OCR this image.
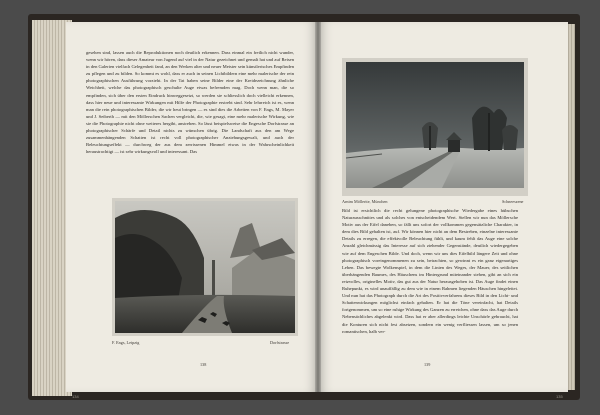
gesehen sind, lassen auch die Reproduktionen noch deutlich erkennen. Dass einmal ein freilich nicht wunder, wenn wir hören, dass dieser Amateur von Jugend auf viel in der Natur gezeichnet und gemalt hat und auf Reisen in den Galerien vielfach Gelegenheit fand, an den Werken alter und neuer Meister sein künstlerisches Empfinden zu pflegen und zu bilden. So kommt es wohl, dass er auch in seinen Lichtbildern eine mehr malerische der rein photographischen Ausführung vorzieht. In der Tat haben seine Bilder eine der Kreidezeichnung ähnliche Weichheit, welche das photographisch geschulte Auge etwas befremden mag. Doch wenn man, die so empfinden, sich über den ersten Eindruck hinweggesetzt, so werden sie schliesslich doch vielleicht erkennen, dass hier neue und interessante Wirkungen mit Hilfe der Photographie erstrebt sind. Sehr lehrreich ist es, wenn man die rein photographischen Bilder, die wir heut bringen — es sind dies die Arbeiten von F. Engs, M. Mayer und J. Seiberth — mit den Möllerschen Sachen vergleicht, die, wie gesagt, eine mehr malerische Wirkung, wie sie die Photographie nicht ohne weiteres hergibt, anstreben. So lässt beispielsweise die Engesche Dorfstrasse an photographischer Schärfe und Detail nichts zu wünschen übrig. Die Landschaft aus den am Wege zusammenhängenden Schatten ist recht voll photographischer Anziehungsgewalt, und auch der Beleuchtungseffekt — durchweg der aus dem zerrissenen Himmel etwas in der Wahrscheinlichkeit heraustrachtigt — ist sehr wirkungsvoll und interessant. Das

F. Engs, Leipzig	Dorfstrasse
138
134
Arnim Möllerite, München	Schneeszene

Bild ist ersichtlich die recht gelungene photographische Wiedergabe eines hübschen Naturausschnittes und als solches von entscheidendem Wert. Stellen wir nun das Möllersche Motiv aus der Eifel daneben, so fällt uns sofort der vollkommen gegensätzliche Charakter, in dem dies Bild gehalten ist, auf. Wir können hier nicht an dem Bestreben, einzelne interessante Details zu erregen, die effektvolle Beleuchtung fühlt, und kaum fehlt das Auge eine solche Anzahl gleichmässig das Interesse auf sich ziehender Gegenstände, deutlich wiedergegeben wie auf dem Engeschen Bilde. Und doch, wenn wir uns dies Eifelbild längere Zeit und ohne photographisch voreingenommenen zu sein, betrachten, so gewinnt es ein ganz eigenartiges Leben. Das bewegte Wolkenspiel, in dem die Linien des Weges, der Mauer, des seitlichen überhängenden Baumes, des Häuschens im Hintergrund miteinander stehen, gibt an sich ein reizvolles, originelles Motiv, das gut aus der Natur herausgehoben ist. Das Auge findet einen Ruhepunkt, es wird unauffällig zu dem wie in einem Rahmen liegenden Häuschen hingeleitet. Und nun hat das Photograph durch die Art des Positivverfahrens dieses Bild in den Licht- und Schattenwirkungen möglichst einfach gehalten. Er hat die Töne vereinfacht, hat Details fortgenommen, um so eine ruhige Wirkung des Ganzen zu erreichen, ohne dass das Auge durch Nebensächliches abgelenkt wird. Dass hat er aber allerdings leichte Unschärfe gebraucht, hat die Konturen sich nicht fest absetzen, sondern ein wenig verfliessen lassen, um so jenen romantischen, halb ver-

139
135
